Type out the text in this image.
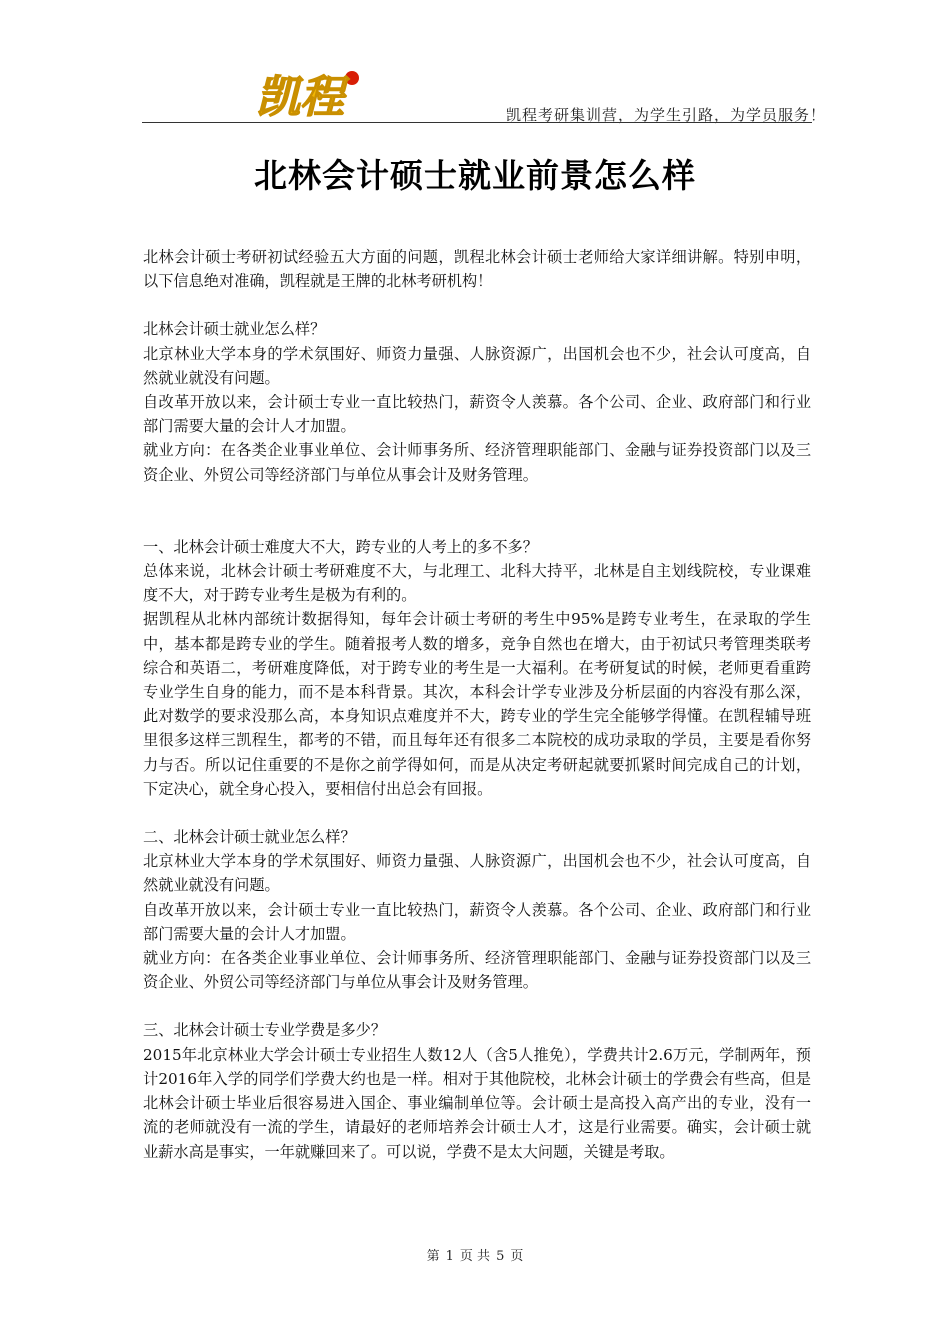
凯程	凯程考研集训营，为学生引路，为学员服务！
北林会计硕士就业前景怎么样

北林会计硕士考研初试经验五大方面的问题，凯程北林会计硕士老师给大家详细讲解。特别申明，以下信息绝对准确，凯程就是王牌的北林考研机构！

北林会计硕士就业怎么样？

北京林业大学本身的学术氛围好、师资力量强、人脉资源广，出国机会也不少，社会认可度高，自然就业就没有问题。

自改革开放以来，会计硕士专业一直比较热门，薪资令人羡慕。各个公司、企业、政府部门和行业部门需要大量的会计人才加盟。

就业方向：在各类企业事业单位、会计师事务所、经济管理职能部门、金融与证券投资部门以及三资企业、外贸公司等经济部门与单位从事会计及财务管理。

一、北林会计硕士难度大不大，跨专业的人考上的多不多？

总体来说，北林会计硕士考研难度不大，与北理工、北科大持平，北林是自主划线院校，专业课难度不大，对于跨专业考生是极为有利的。

据凯程从北林内部统计数据得知，每年会计硕士考研的考生中95%是跨专业考生，在录取的学生中，基本都是跨专业的学生。随着报考人数的增多，竞争自然也在增大，由于初试只考管理类联考综合和英语二，考研难度降低，对于跨专业的考生是一大福利。在考研复试的时候，老师更看重跨专业学生自身的能力，而不是本科背景。其次，本科会计学专业涉及分析层面的内容没有那么深，此对数学的要求没那么高，本身知识点难度并不大，跨专业的学生完全能够学得懂。在凯程辅导班里很多这样三凯程生，都考的不错，而且每年还有很多二本院校的成功录取的学员，主要是看你努力与否。所以记住重要的不是你之前学得如何，而是从决定考研起就要抓紧时间完成自己的计划，下定决心，就全身心投入，要相信付出总会有回报。

二、北林会计硕士就业怎么样？

北京林业大学本身的学术氛围好、师资力量强、人脉资源广，出国机会也不少，社会认可度高，自然就业就没有问题。

自改革开放以来，会计硕士专业一直比较热门，薪资令人羡慕。各个公司、企业、政府部门和行业部门需要大量的会计人才加盟。

就业方向：在各类企业事业单位、会计师事务所、经济管理职能部门、金融与证券投资部门以及三资企业、外贸公司等经济部门与单位从事会计及财务管理。

三、北林会计硕士专业学费是多少？

2015年北京林业大学会计硕士专业招生人数12人（含5人推免），学费共计2.6万元，学制两年，预计2016年入学的同学们学费大约也是一样。相对于其他院校，北林会计硕士的学费会有些高，但是北林会计硕士毕业后很容易进入国企、事业编制单位等。会计硕士是高投入高产出的专业，没有一流的老师就没有一流的学生，请最好的老师培养会计硕士人才，这是行业需要。确实，会计硕士就业薪水高是事实，一年就赚回来了。可以说，学费不是太大问题，关键是考取。

第 1 页 共 5 页
